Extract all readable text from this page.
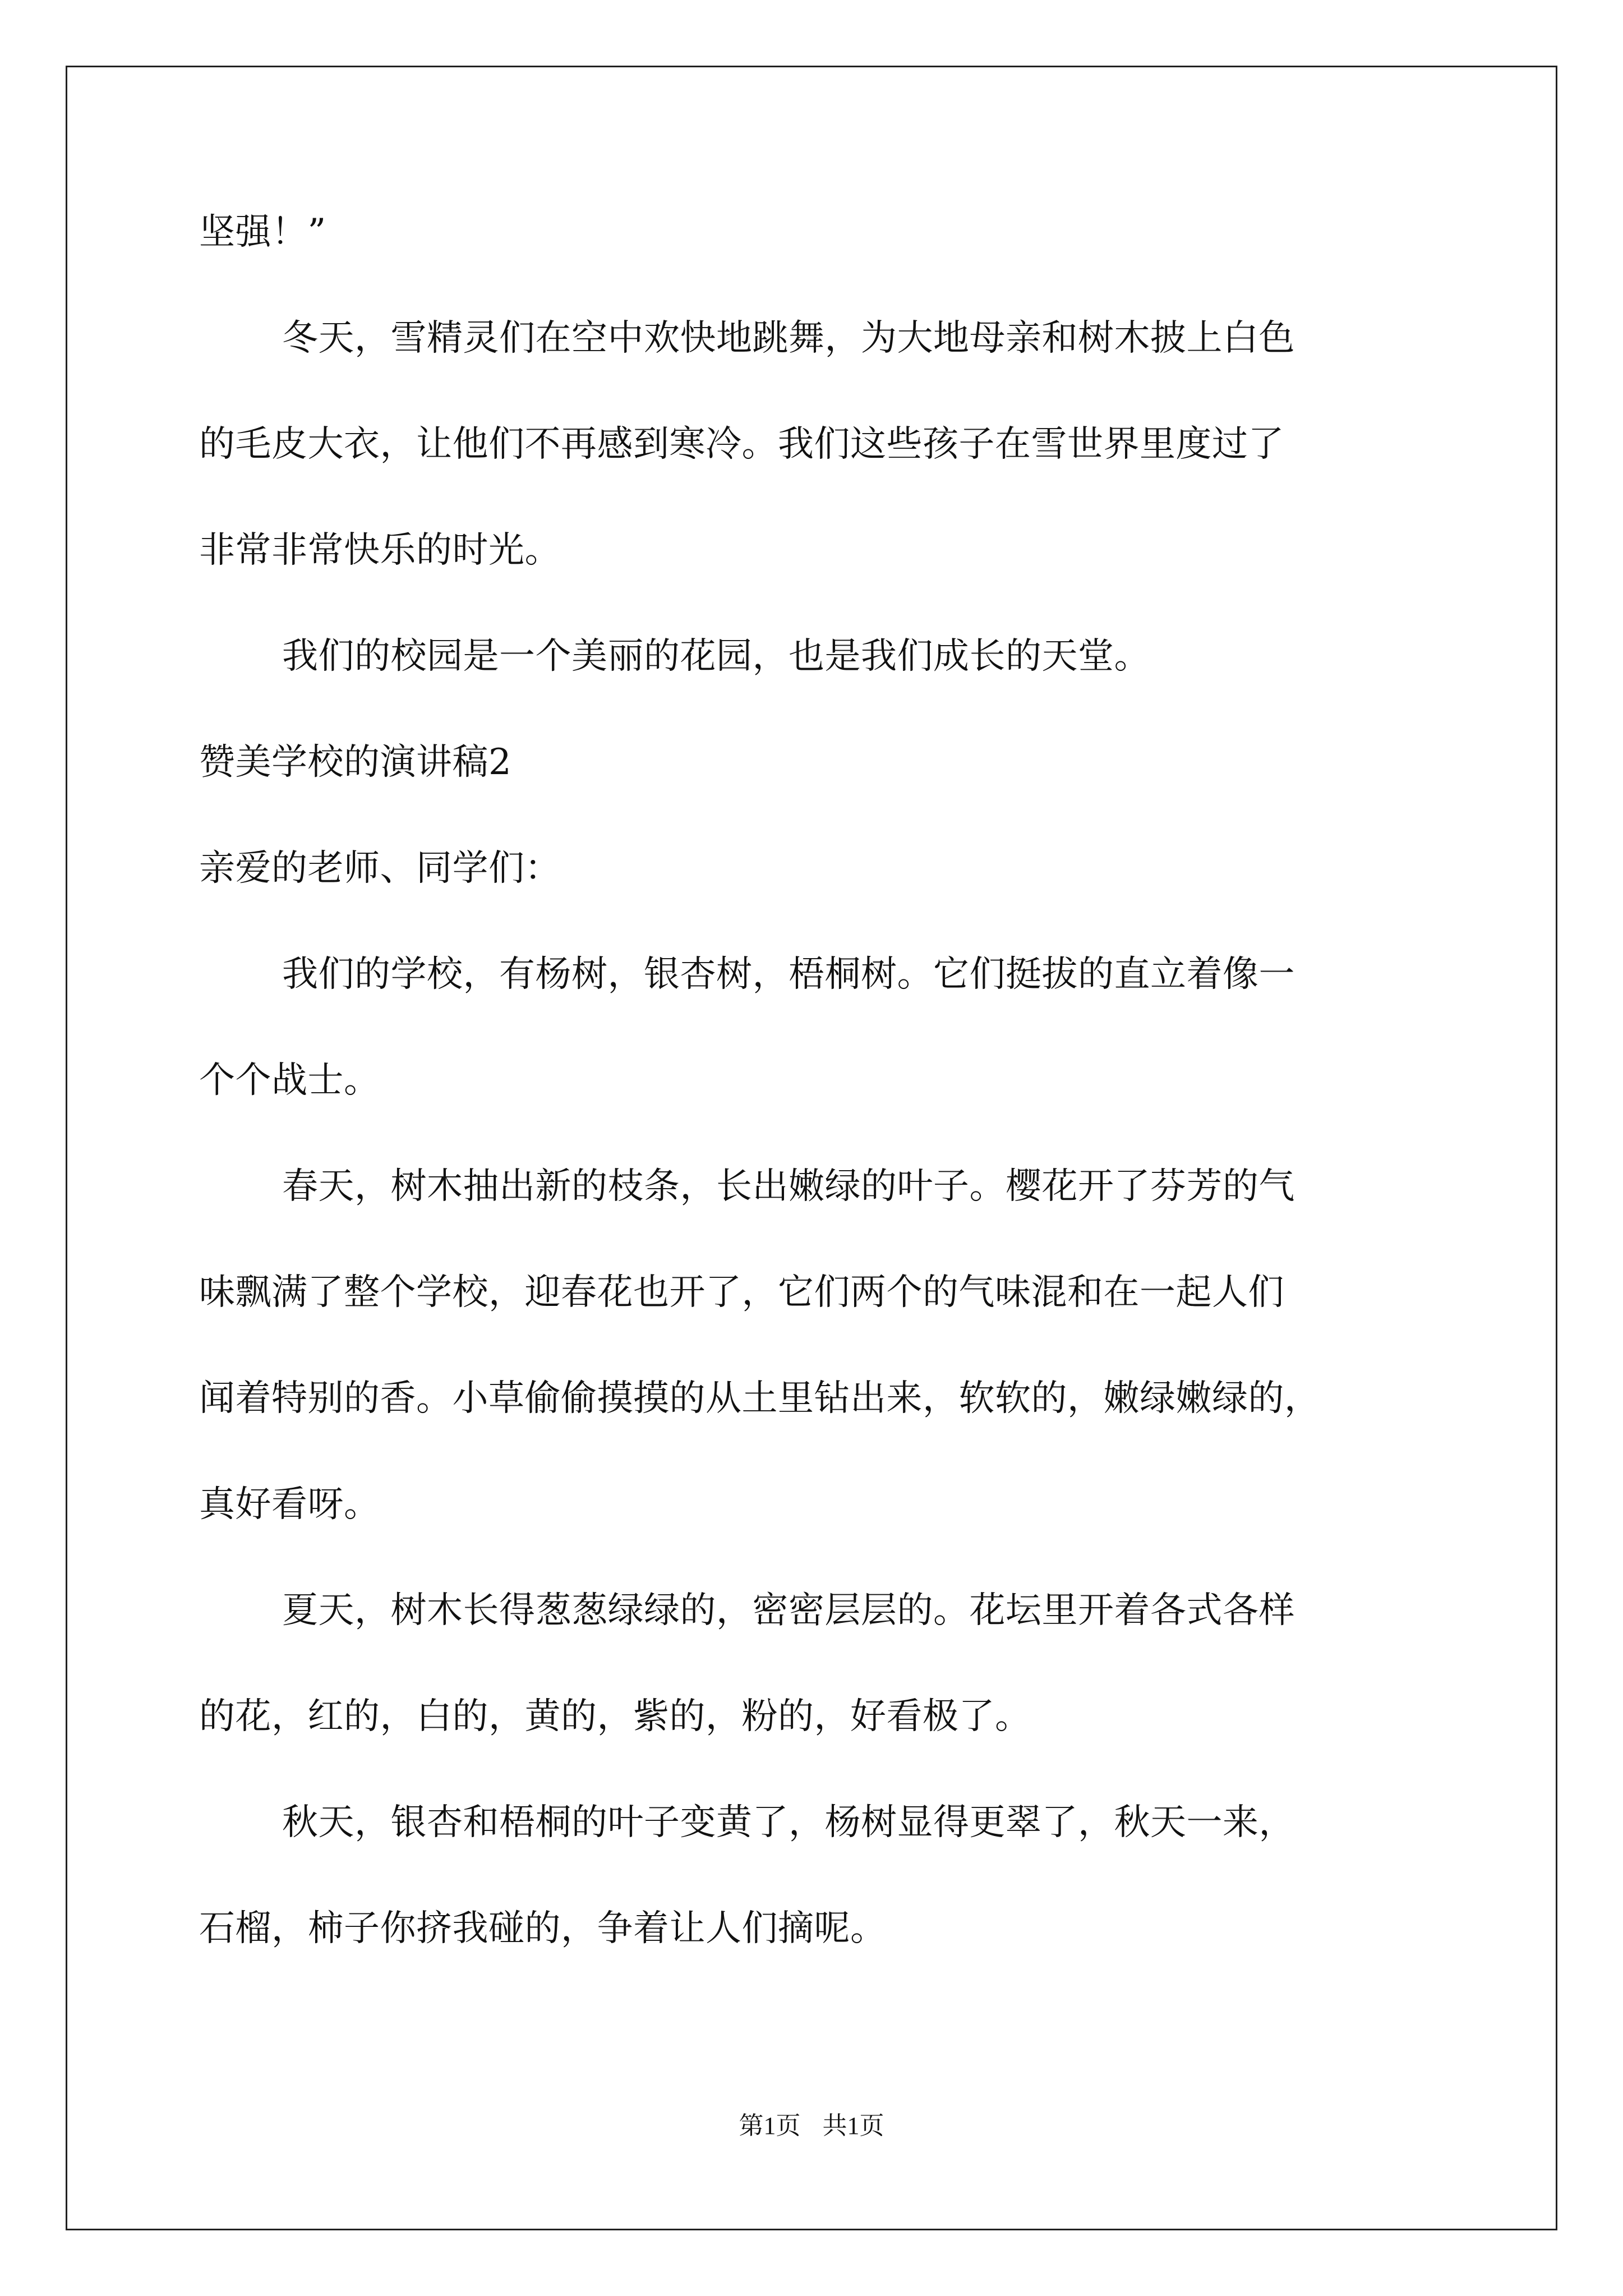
坚强！”
冬天，雪精灵们在空中欢快地跳舞，为大地母亲和树木披上白色
的毛皮大衣，让他们不再感到寒冷。我们这些孩子在雪世界里度过了
非常非常快乐的时光。
我们的校园是一个美丽的花园，也是我们成长的天堂。
赞美学校的演讲稿2
亲爱的老师、同学们：
我们的学校，有杨树，银杏树，梧桐树。它们挺拔的直立着像一
个个战士。
春天，树木抽出新的枝条，长出嫩绿的叶子。樱花开了芬芳的气
味飘满了整个学校，迎春花也开了，它们两个的气味混和在一起人们
闻着特别的香。小草偷偷摸摸的从土里钻出来，软软的，嫩绿嫩绿的，
真好看呀。
夏天，树木长得葱葱绿绿的，密密层层的。花坛里开着各式各样
的花，红的，白的，黄的，紫的，粉的，好看极了。
秋天，银杏和梧桐的叶子变黄了，杨树显得更翠了，秋天一来，
石榴，柿子你挤我碰的，争着让人们摘呢。
第1页 共1页
